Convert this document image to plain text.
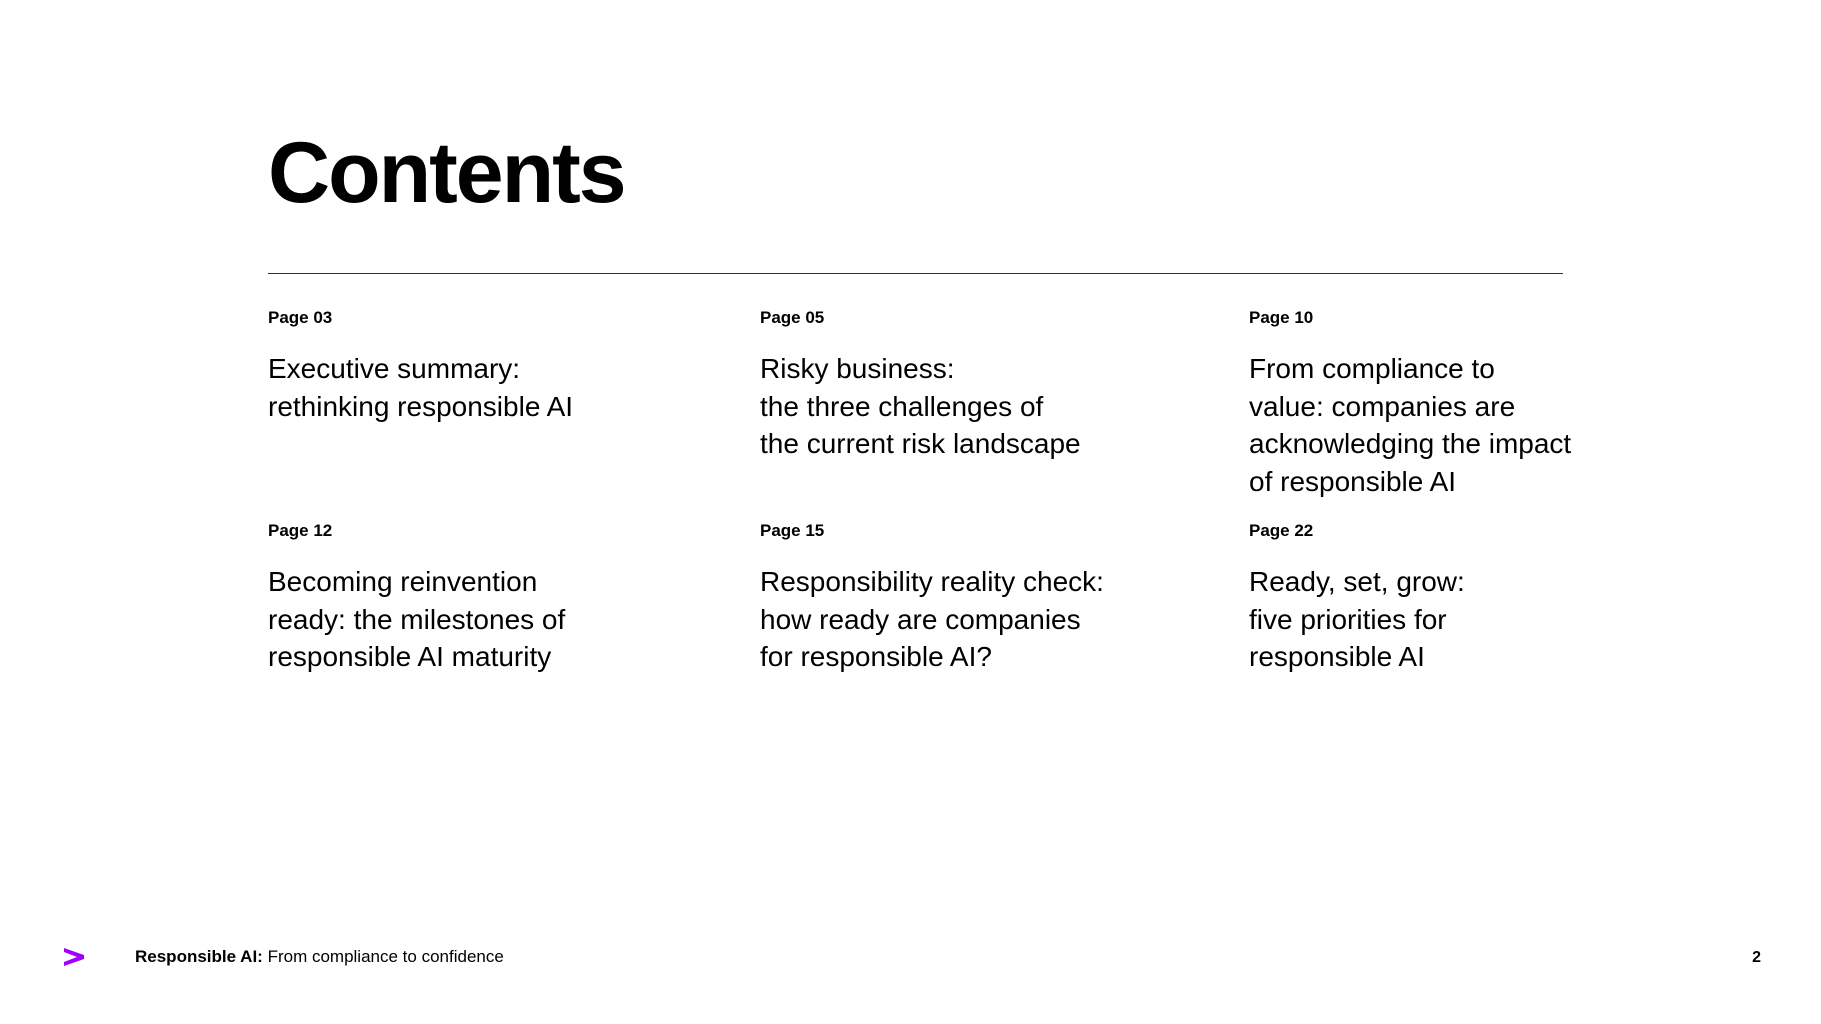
Contents

Page 03

Executive summary:
rethinking responsible AI

Page 05

Risky business:
the three challenges of
the current risk landscape

Page 10

From compliance to
value: companies are
acknowledging the impact
of responsible AI

Page 12

Becoming reinvention
ready: the milestones of
responsible AI maturity

Page 15

Responsibility reality check:
how ready are companies
for responsible AI?

Page 22

Ready, set, grow:
five priorities for
responsible AI

Responsible AI: From compliance to confidence	2
